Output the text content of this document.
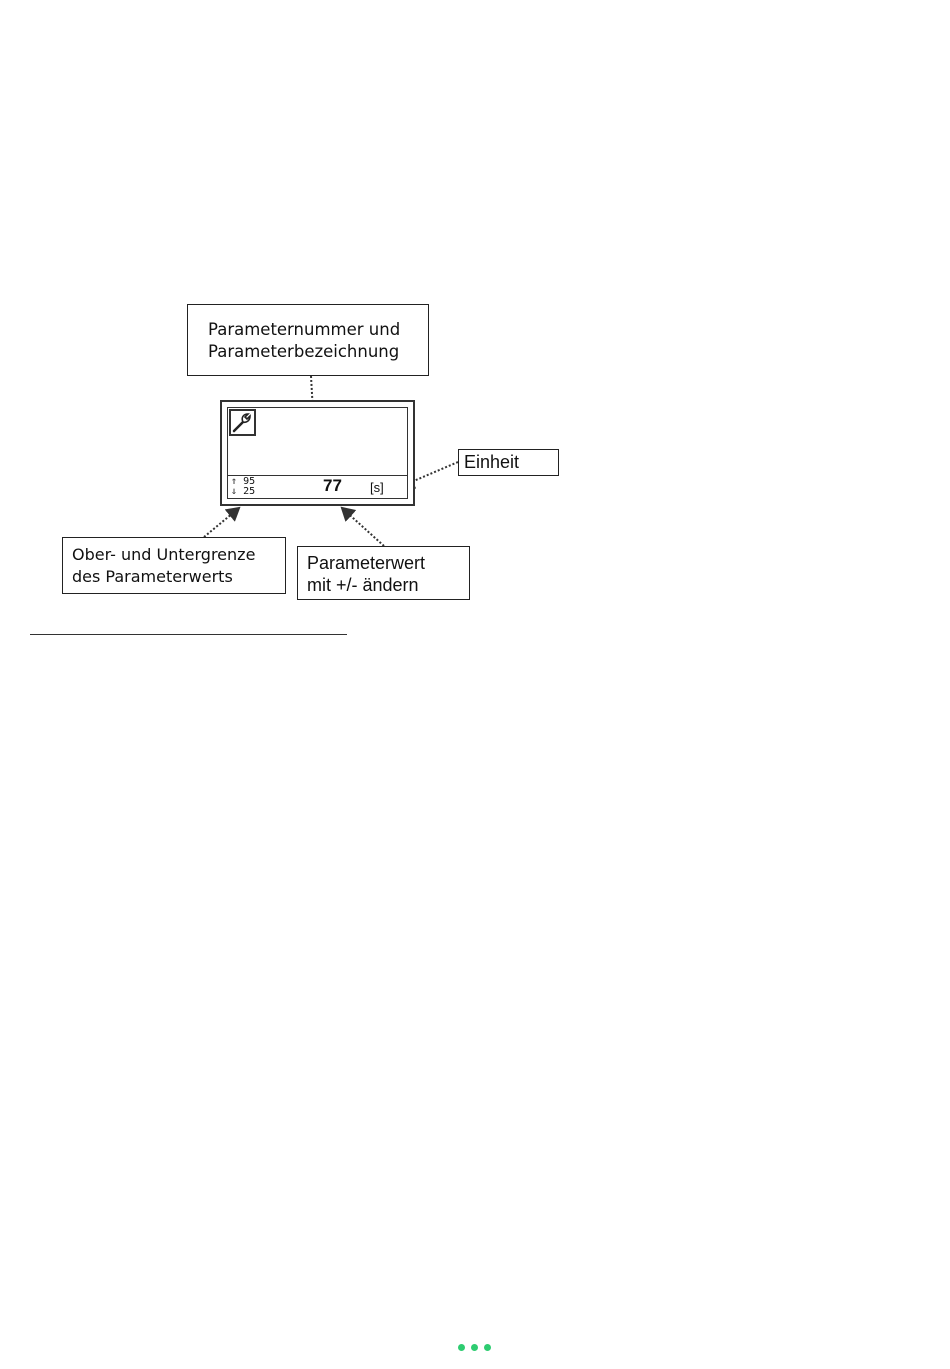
Parameternummer und
Parameterbezeichnung
⇑ 95
⇓ 25	77 [s]
Einheit
Ober- und Untergrenze
des Parameterwerts
Parameterwert
mit +/- ändern
